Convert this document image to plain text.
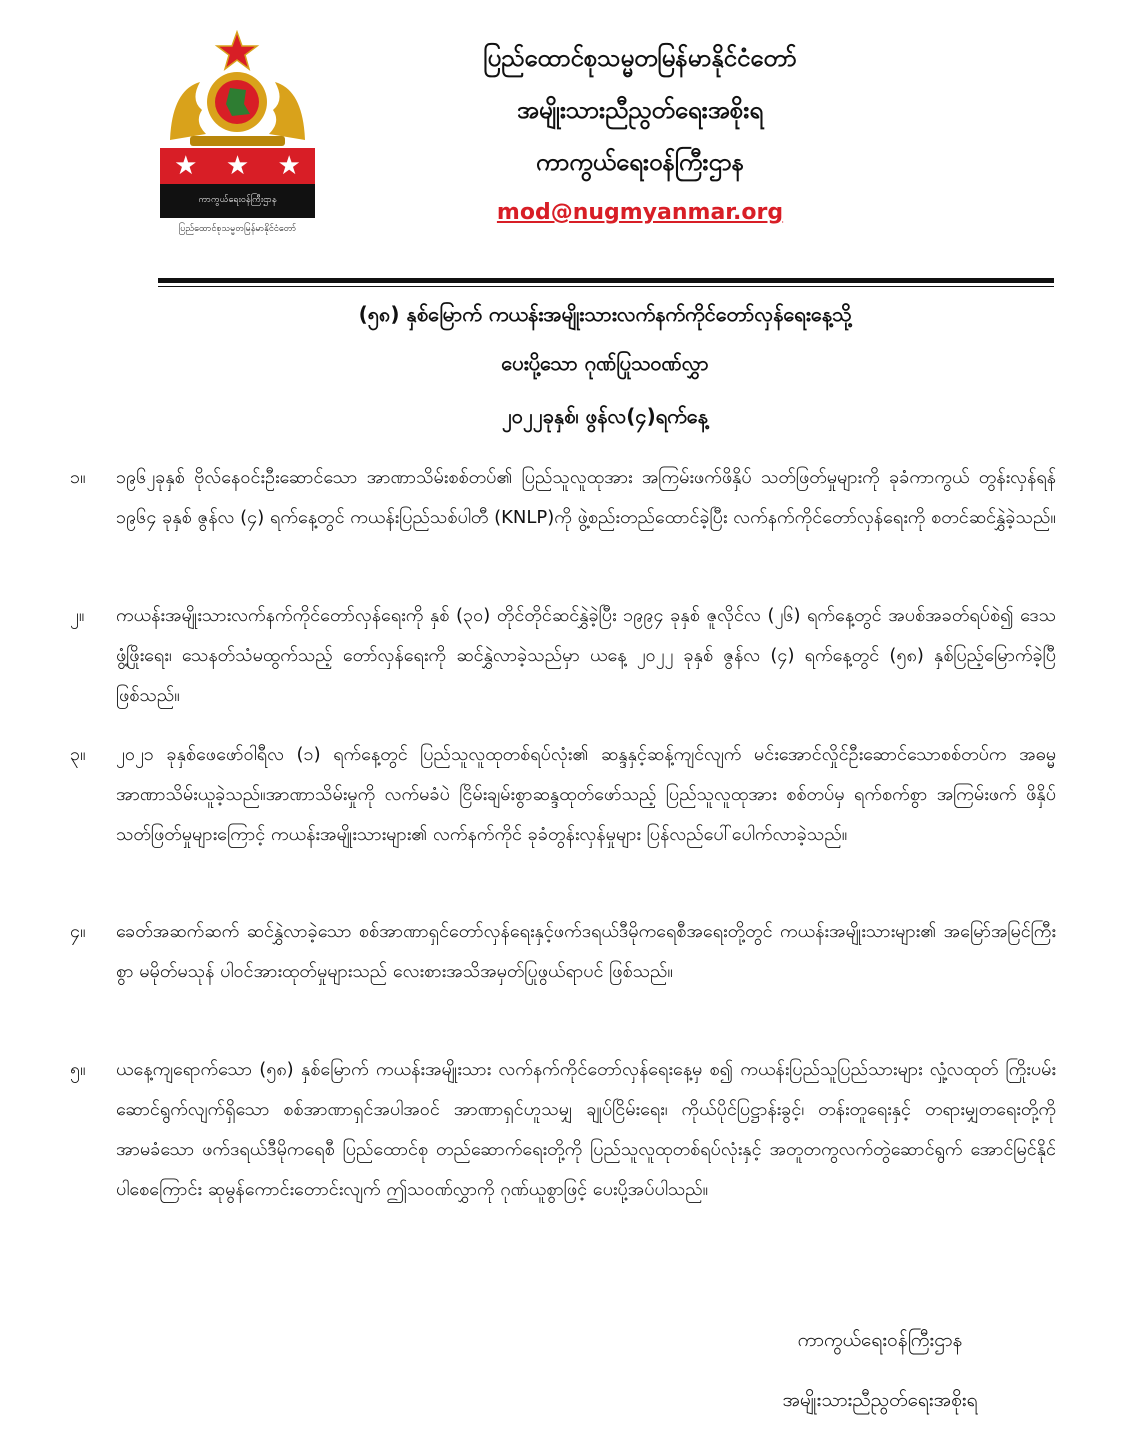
★ ★ ★
ကာကွယ်ရေးဝန်ကြီးဌာန
ပြည်ထောင်စုသမ္မတမြန်မာနိုင်ငံတော်
ပြည်ထောင်စုသမ္မတမြန်မာနိုင်ငံတော်
အမျိုးသားညီညွတ်ရေးအစိုးရ
ကာကွယ်ရေးဝန်ကြီးဌာန
mod@nugmyanmar.org
(၅၈) နှစ်မြောက် ကယန်းအမျိုးသားလက်နက်ကိုင်တော်လှန်ရေးနေ့သို့
ပေးပို့သော ဂုဏ်ပြုသဝဏ်လွှာ
၂၀၂၂ခုနှစ်၊ ဖွန်လ(၄)ရက်နေ့
၁။	၁၉၆၂ခုနှစ် ဗိုလ်နေဝင်းဦးဆောင်သော အာဏာသိမ်းစစ်တပ်၏ ပြည်သူလူထုအား အကြမ်းဖက်ဖိနှိပ် သတ်ဖြတ်မှုများကို ခုခံကာကွယ် တွန်းလှန်ရန် ၁၉၆၄ ခုနှစ် ဇွန်လ (၄) ရက်နေ့တွင် ကယန်းပြည်သစ်ပါတီ (KNLP)ကို ဖွဲ့စည်းတည်ထောင်ခဲ့ပြီး လက်နက်ကိုင်တော်လှန်ရေးကို စတင်ဆင်နွှဲခဲ့သည်။
၂။	ကယန်းအမျိုးသားလက်နက်ကိုင်တော်လှန်ရေးကို နှစ် (၃၀) တိုင်တိုင်ဆင်နွှဲခဲ့ပြီး ၁၉၉၄ ခုနှစ် ဇူလိုင်လ (၂၆) ရက်နေ့တွင် အပစ်အခတ်ရပ်စဲ၍ ဒေသဖွံ့ဖြိုးရေး၊ သေနတ်သံမထွက်သည့် တော်လှန်ရေးကို ဆင်နွှဲလာခဲ့သည်မှာ ယနေ့ ၂၀၂၂ ခုနှစ် ဇွန်လ (၄) ရက်နေ့တွင် (၅၈) နှစ်ပြည့်မြောက်ခဲ့ပြီဖြစ်သည်။
၃။	၂၀၂၁ ခုနှစ်ဖေဖော်ဝါရီလ (၁) ရက်နေ့တွင် ပြည်သူလူထုတစ်ရပ်လုံး၏ ဆန္ဒနှင့်ဆန့်ကျင်လျက် မင်းအောင်လှိုင်ဦးဆောင်သောစစ်တပ်က အဓမ္မအာဏာသိမ်းယူခဲ့သည်။အာဏာသိမ်းမှုကို လက်မခံပဲ ငြိမ်းချမ်းစွာဆန္ဒထုတ်ဖော်သည့် ပြည်သူလူထုအား စစ်တပ်မှ ရက်စက်စွာ အကြမ်းဖက် ဖိနှိပ်သတ်ဖြတ်မှုများကြောင့် ကယန်းအမျိုးသားများ၏ လက်နက်ကိုင် ခုခံတွန်းလှန်မှုများ ပြန်လည်ပေါ်ပေါက်လာခဲ့သည်။
၄။	ခေတ်အဆက်ဆက် ဆင်နွှဲလာခဲ့သော စစ်အာဏာရှင်တော်လှန်ရေးနှင့်ဖက်ဒရယ်ဒီမိုကရေစီအရေးတို့တွင် ကယန်းအမျိုးသားများ၏ အမြော်အမြင်ကြီးစွာ မမိုတ်မသုန် ပါဝင်အားထုတ်မှုများသည် လေးစားအသိအမှတ်ပြုဖွယ်ရာပင် ဖြစ်သည်။
၅။	ယနေ့ကျရောက်သော (၅၈) နှစ်မြောက် ကယန်းအမျိုးသား လက်နက်ကိုင်တော်လှန်ရေးနေ့မှ စ၍ ကယန်းပြည်သူပြည်သားများ လှုံ့လထုတ် ကြိုးပမ်းဆောင်ရွက်လျက်ရှိသော စစ်အာဏာရှင်အပါအဝင် အာဏာရှင်ဟူသမျှ ချုပ်ငြိမ်းရေး၊ ကိုယ်ပိုင်ပြဋ္ဌာန်းခွင့်၊ တန်းတူရေးနှင့် တရားမျှတရေးတို့ကို အာမခံသော ဖက်ဒရယ်ဒီမိုကရေစီ ပြည်ထောင်စု တည်ဆောက်ရေးတို့ကို ပြည်သူလူထုတစ်ရပ်လုံးနှင့် အတူတကွလက်တွဲဆောင်ရွက် အောင်မြင်နိုင်ပါစေကြောင်း ဆုမွန်ကောင်းတောင်းလျက် ဤသဝဏ်လွှာကို ဂုဏ်ယူစွာဖြင့် ပေးပို့အပ်ပါသည်။
ကာကွယ်ရေးဝန်ကြီးဌာန
အမျိုးသားညီညွတ်ရေးအစိုးရ
